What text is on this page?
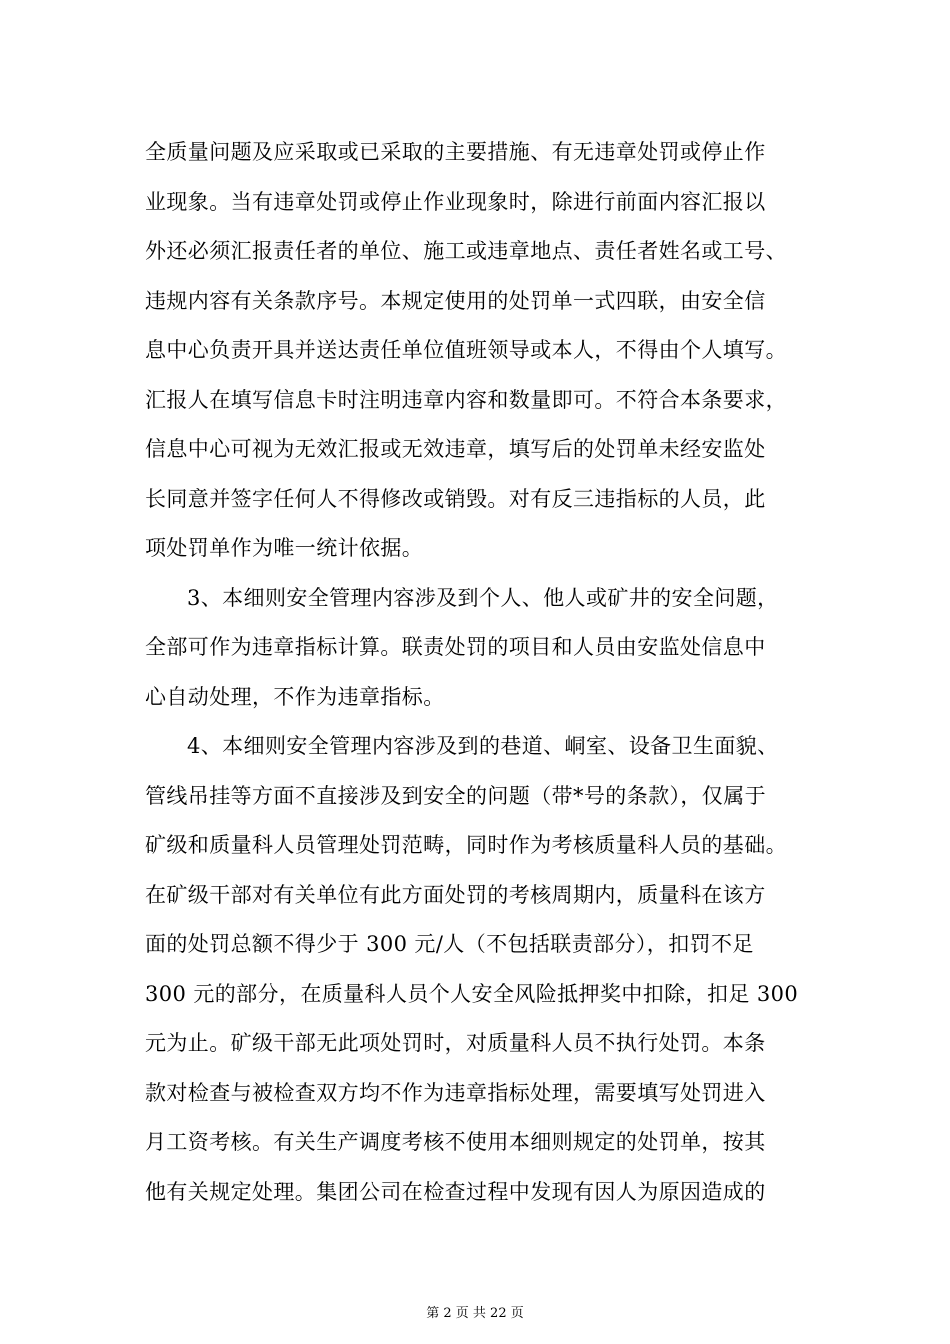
全质量问题及应采取或已采取的主要措施、有无违章处罚或停止作
业现象。当有违章处罚或停止作业现象时，除进行前面内容汇报以
外还必须汇报责任者的单位、施工或违章地点、责任者姓名或工号、
违规内容有关条款序号。本规定使用的处罚单一式四联，由安全信
息中心负责开具并送达责任单位值班领导或本人，不得由个人填写。
汇报人在填写信息卡时注明违章内容和数量即可。不符合本条要求，
信息中心可视为无效汇报或无效违章，填写后的处罚单未经安监处
长同意并签字任何人不得修改或销毁。对有反三违指标的人员，此
项处罚单作为唯一统计依据。

3、本细则安全管理内容涉及到个人、他人或矿井的安全问题，
全部可作为违章指标计算。联责处罚的项目和人员由安监处信息中
心自动处理，不作为违章指标。

4、本细则安全管理内容涉及到的巷道、峒室、设备卫生面貌、
管线吊挂等方面不直接涉及到安全的问题（带*号的条款），仅属于
矿级和质量科人员管理处罚范畴，同时作为考核质量科人员的基础。
在矿级干部对有关单位有此方面处罚的考核周期内，质量科在该方
面的处罚总额不得少于 300 元/人（不包括联责部分），扣罚不足
300 元的部分，在质量科人员个人安全风险抵押奖中扣除，扣足 300
元为止。矿级干部无此项处罚时，对质量科人员不执行处罚。本条
款对检查与被检查双方均不作为违章指标处理，需要填写处罚进入
月工资考核。有关生产调度考核不使用本细则规定的处罚单，按其
他有关规定处理。集团公司在检查过程中发现有因人为原因造成的

第 2 页 共 22 页
